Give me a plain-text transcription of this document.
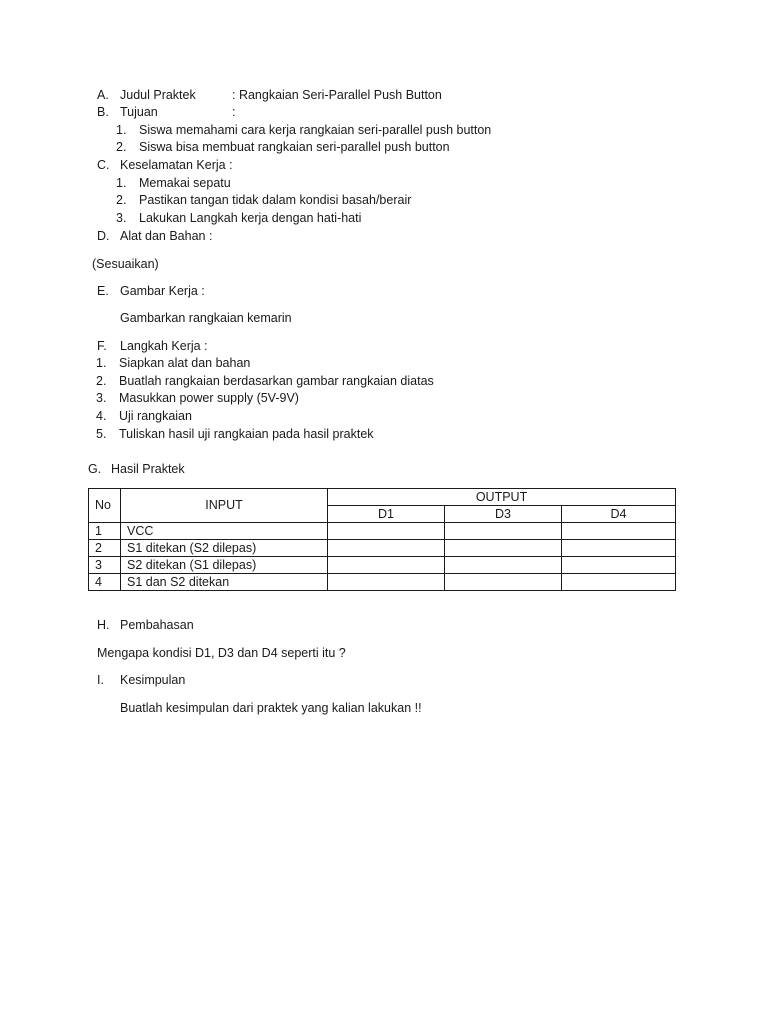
A. Judul Praktek	: Rangkaian Seri-Parallel Push Button
B. Tujuan	:
1. Siswa memahami cara kerja rangkaian seri-parallel push button
2. Siswa bisa membuat rangkaian seri-parallel push button
C. Keselamatan Kerja :
1. Memakai sepatu
2. Pastikan tangan tidak dalam kondisi basah/berair
3. Lakukan Langkah kerja dengan hati-hati
D. Alat dan Bahan :
(Sesuaikan)
E. Gambar Kerja :
Gambarkan rangkaian kemarin
F. Langkah Kerja :
1. Siapkan alat dan bahan
2. Buatlah rangkaian berdasarkan gambar rangkaian diatas
3. Masukkan power supply (5V-9V)
4. Uji rangkaian
5. Tuliskan hasil uji rangkaian pada hasil praktek
G. Hasil Praktek
No	INPUT	OUTPUT		
		D1	D3	D4
1	VCC			
2	S1 ditekan (S2 dilepas)			
3	S2 ditekan (S1 dilepas)			
4	S1 dan S2 ditekan			
H. Pembahasan
Mengapa kondisi D1, D3 dan D4 seperti itu ?
I. Kesimpulan
Buatlah kesimpulan dari praktek yang kalian lakukan !!
